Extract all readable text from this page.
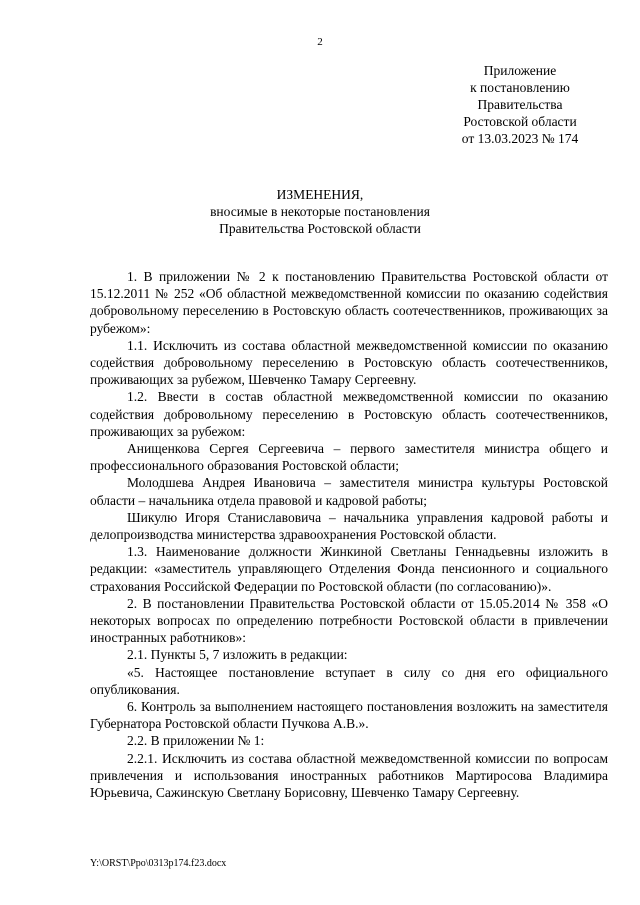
2
Приложение
к постановлению
Правительства
Ростовской области
от 13.03.2023 № 174
ИЗМЕНЕНИЯ,
вносимые в некоторые постановления
Правительства Ростовской области

1. В приложении № 2 к постановлению Правительства Ростовской области от 15.12.2011 № 252 «Об областной межведомственной комиссии по оказанию содействия добровольному переселению в Ростовскую область соотечественников, проживающих за рубежом»:

1.1. Исключить из состава областной межведомственной комиссии по оказанию содействия добровольному переселению в Ростовскую область соотечественников, проживающих за рубежом, Шевченко Тамару Сергеевну.

1.2. Ввести в состав областной межведомственной комиссии по оказанию содействия добровольному переселению в Ростовскую область соотечественников, проживающих за рубежом:

Анищенкова Сергея Сергеевича – первого заместителя министра общего и профессионального образования Ростовской области;

Молодшева Андрея Ивановича – заместителя министра культуры Ростовской области – начальника отдела правовой и кадровой работы;

Шикулю Игоря Станиславовича – начальника управления кадровой работы и делопроизводства министерства здравоохранения Ростовской области.

1.3. Наименование должности Жинкиной Светланы Геннадьевны изложить в редакции: «заместитель управляющего Отделения Фонда пенсионного и социального страхования Российской Федерации по Ростовской области (по согласованию)».

2. В постановлении Правительства Ростовской области от 15.05.2014 № 358 «О некоторых вопросах по определению потребности Ростовской области в привлечении иностранных работников»:

2.1. Пункты 5, 7 изложить в редакции:

«5. Настоящее постановление вступает в силу со дня его официального опубликования.

6. Контроль за выполнением настоящего постановления возложить на заместителя Губернатора Ростовской области Пучкова А.В.».

2.2. В приложении № 1:

2.2.1. Исключить из состава областной межведомственной комиссии по вопросам привлечения и использования иностранных работников Мартиросова Владимира Юрьевича, Сажинскую Светлану Борисовну, Шевченко Тамару Сергеевну.

Y:\ORST\Ppo\0313p174.f23.docx
